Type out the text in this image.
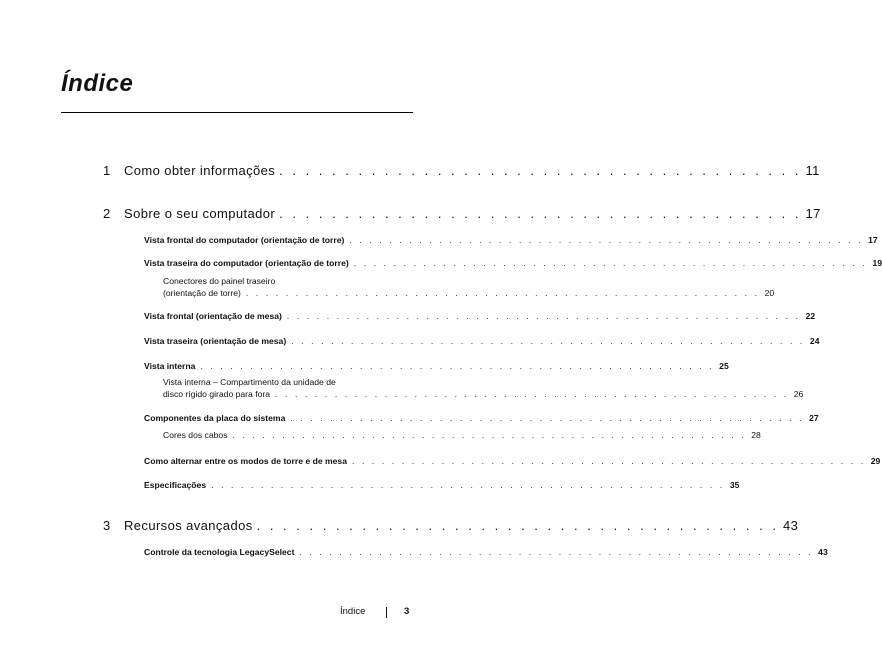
Índice
1 Como obter informações . . . . . . . . . . . . . . . . . . . . . . . . . . . . . . . . . . . . . . . . 11
2 Sobre o seu computador . . . . . . . . . . . . . . . . . . . . . . . . . . . . . . . . . . . . . . . . 17
Vista frontal do computador (orientação de torre) . . . . . . . . . . . . . . . . . . . . . . . . . . . . . . . . . . . . . . . . . . . . . . . . . . . . 17
Vista traseira do computador (orientação de torre) . . . . . . . . . . . . . . . . . . . . . . . . . . . . . . . . . . . . . . . . . . . . . . . . . . . . 19
Conectores do painel traseiro
(orientação de torre) . . . . . . . . . . . . . . . . . . . . . . . . . . . . . . . . . . . . . . . . . . . . . . . . . . . . 20
Vista frontal (orientação de mesa) . . . . . . . . . . . . . . . . . . . . . . . . . . . . . . . . . . . . . . . . . . . . . . . . . . . . 22
Vista traseira (orientação de mesa) . . . . . . . . . . . . . . . . . . . . . . . . . . . . . . . . . . . . . . . . . . . . . . . . . . . . 24
Vista interna . . . . . . . . . . . . . . . . . . . . . . . . . . . . . . . . . . . . . . . . . . . . . . . . . . . . 25
Vista interna – Compartimento da unidade de
disco rígido girado para fora . . . . . . . . . . . . . . . . . . . . . . . . . . . . . . . . . . . . . . . . . . . . . . . . . . . . 26
Componentes da placa do sistema . . . . . . . . . . . . . . . . . . . . . . . . . . . . . . . . . . . . . . . . . . . . . . . . . . . . 27
Cores dos cabos . . . . . . . . . . . . . . . . . . . . . . . . . . . . . . . . . . . . . . . . . . . . . . . . . . . . 28
Como alternar entre os modos de torre e de mesa . . . . . . . . . . . . . . . . . . . . . . . . . . . . . . . . . . . . . . . . . . . . . . . . . . . . 29
Especificações . . . . . . . . . . . . . . . . . . . . . . . . . . . . . . . . . . . . . . . . . . . . . . . . . . . . 35
3 Recursos avançados . . . . . . . . . . . . . . . . . . . . . . . . . . . . . . . . . . . . . . . . 43
Controle da tecnologia LegacySelect . . . . . . . . . . . . . . . . . . . . . . . . . . . . . . . . . . . . . . . . . . . . . . . . . . . . 43
Índice	3
